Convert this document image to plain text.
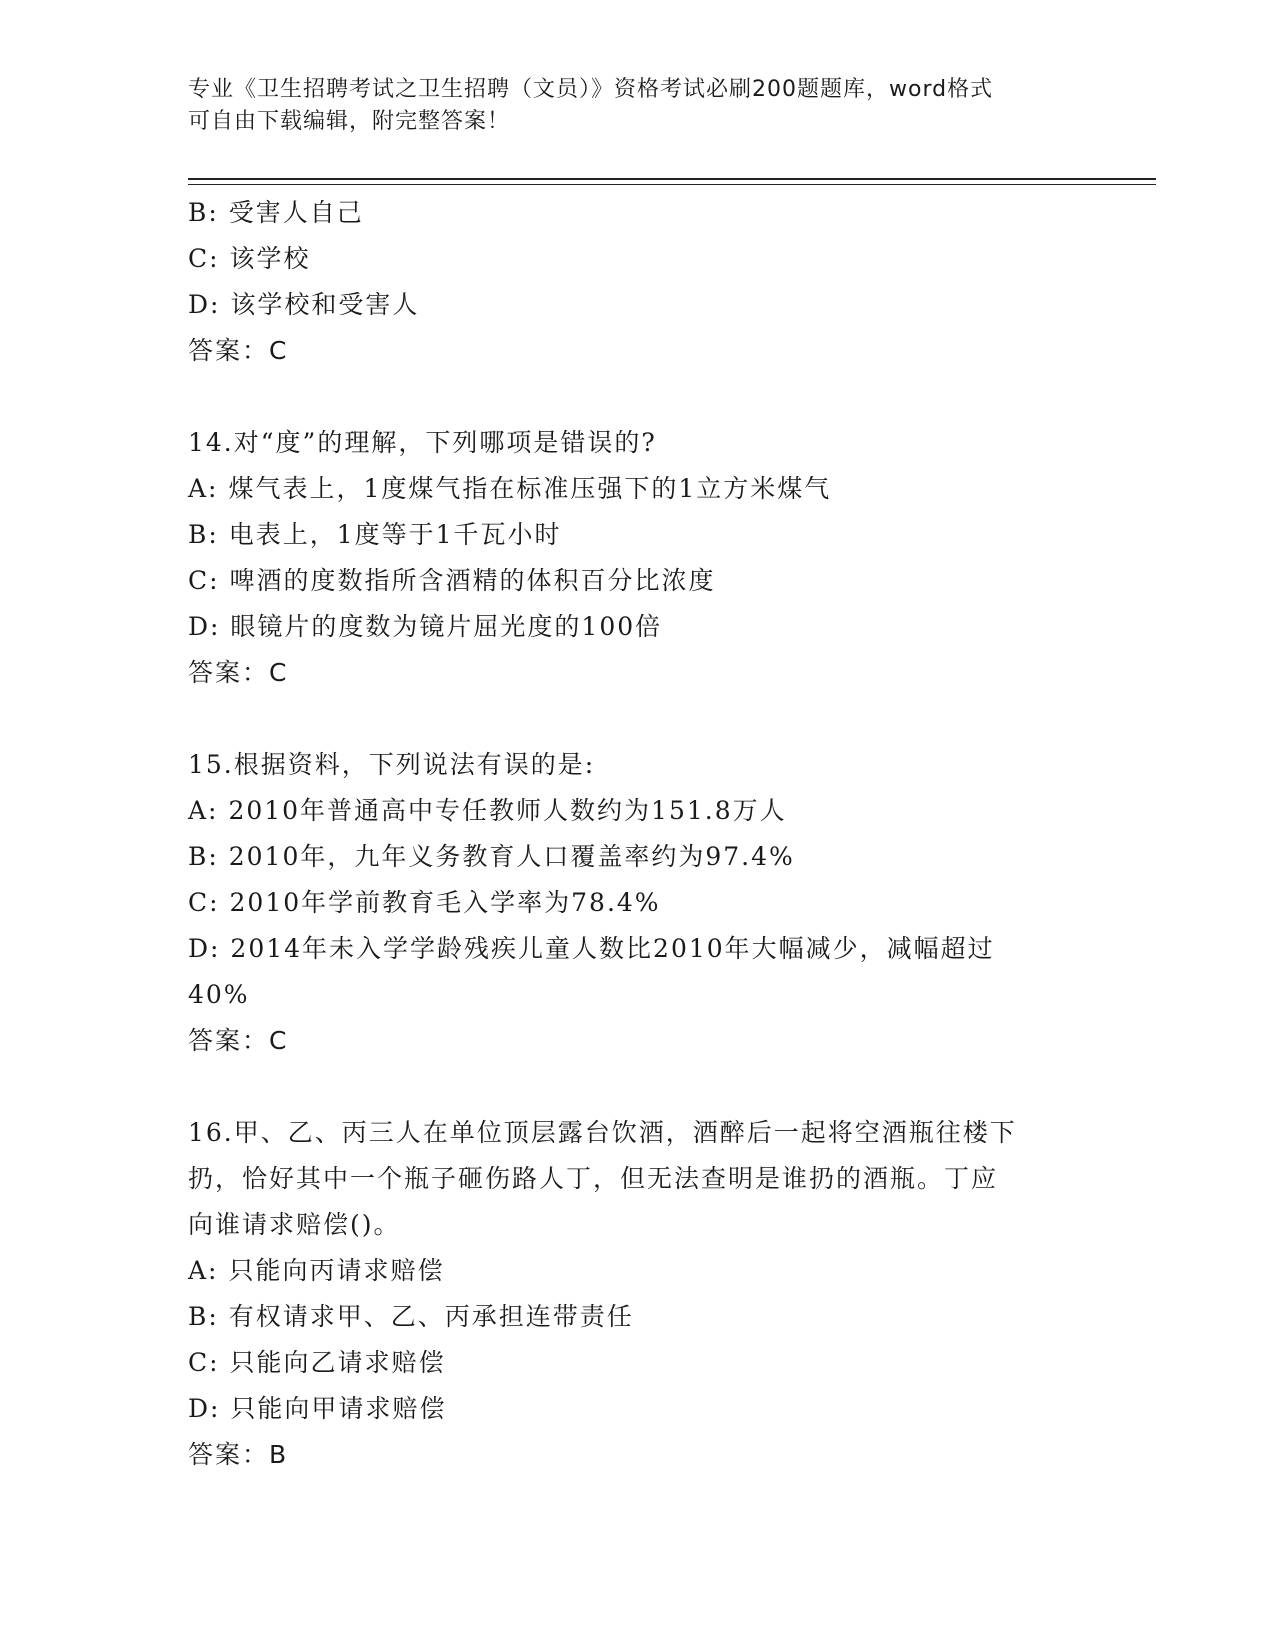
专业《卫生招聘考试之卫生招聘（文员）》资格考试必刷200题题库，word格式
可自由下载编辑，附完整答案！
B: 受害人自己
C: 该学校
D: 该学校和受害人
答案：C
14.对“度”的理解，下列哪项是错误的?
A: 煤气表上，1度煤气指在标准压强下的1立方米煤气
B: 电表上，1度等于1千瓦小时
C: 啤酒的度数指所含酒精的体积百分比浓度
D: 眼镜片的度数为镜片屈光度的100倍
答案：C
15.根据资料，下列说法有误的是:
A: 2010年普通高中专任教师人数约为151.8万人
B: 2010年，九年义务教育人口覆盖率约为97.4%
C: 2010年学前教育毛入学率为78.4%
D: 2014年未入学学龄残疾儿童人数比2010年大幅减少，减幅超过
40%
答案：C
16.甲、乙、丙三人在单位顶层露台饮酒，酒醉后一起将空酒瓶往楼下
扔，恰好其中一个瓶子砸伤路人丁，但无法查明是谁扔的酒瓶。丁应
向谁请求赔偿()。
A: 只能向丙请求赔偿
B: 有权请求甲、乙、丙承担连带责任
C: 只能向乙请求赔偿
D: 只能向甲请求赔偿
答案：B
